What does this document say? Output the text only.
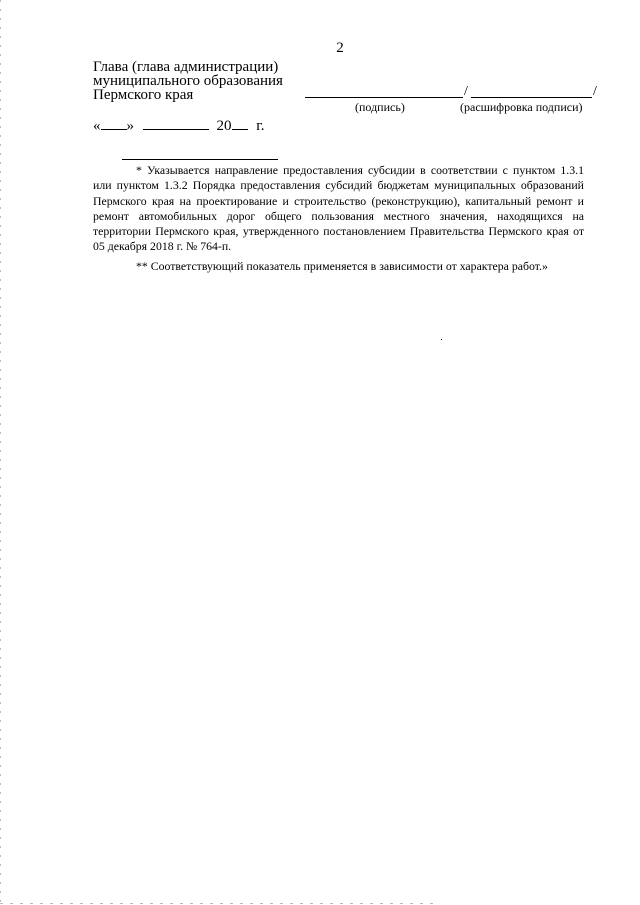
2
Глава (глава администрации)
муниципального образования
Пермского края	/	/
(подпись)	(расшифровка подписи)
« »	20 г.

* Указывается направление предоставления субсидии в соответствии с пунктом 1.3.1 или пунктом 1.3.2 Порядка предоставления субсидий бюджетам муниципальных образований Пермского края на проектирование и строительство (реконструкцию), капитальный ремонт и ремонт автомобильных дорог общего пользования местного значения, находящихся на территории Пермского края, утвержденного постановлением Правительства Пермского края от 05 декабря 2018 г. № 764-п.

** Соответствующий показатель применяется в зависимости от характера работ.»
